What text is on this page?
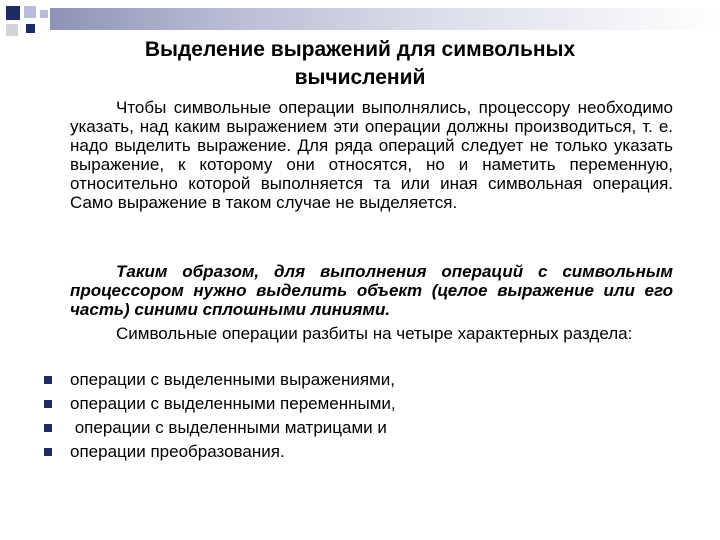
Выделение выражений для символьных
вычислений
Чтобы символьные операции выполнялись, процессору необходимо указать, над каким выражением эти операции должны производиться, т. е. надо выделить выражение. Для ряда операций следует не только указать выражение, к которому они относятся, но и наметить переменную, относительно которой выполняется та или иная символьная операция. Само выражение в таком случае не выделяется.
Таким образом, для выполнения операций с символьным процессором нужно выделить объект (целое выражение или его часть) синими сплошными линиями.
Символьные операции разбиты на четыре характерных раздела:
операции с выделенными выражениями,
операции с выделенными переменными,
операции с выделенными матрицами и
операции преобразования.
